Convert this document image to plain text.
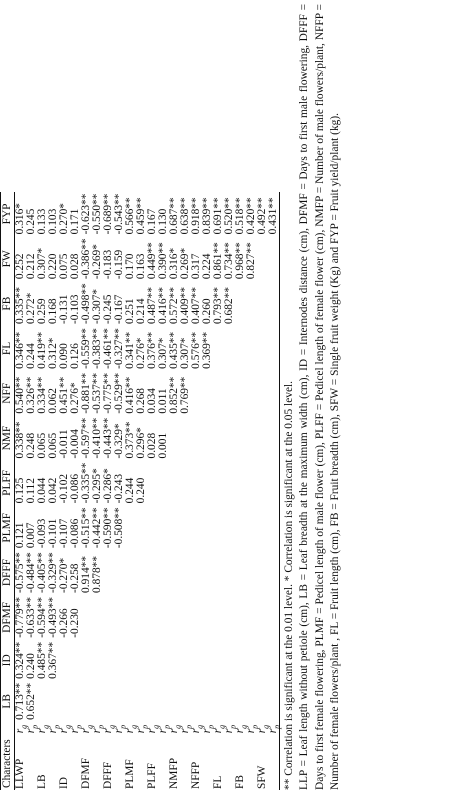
Characters		LB	ID	DFMF	DFFF	PLMF	PLFF	NMF	NFF	FL	FB	FW	FYP
LLWP	$r_g$	0.713**	0.324**	-0.779**	-0.575**	0.121	0.125	0.338**	0.540**	0.346**	0.335**	0.252	0.316*
	$r_p$	0.652**	0.240	-0.633**	-0.484**	0.007	0.112	0.248	0.326**	0.244	0.272*	0.212	0.245
LB	$r_g$		0.485**	-0.594**	-0.405**	-0.093	0.044	0.065	0.334**	0.419**	0.259	0.307*	0.133
	$r_p$		0.367**	-0.493**	-0.329**	-0.101	0.042	0.065	0.062	0.312*	0.168	0.220	0.103
ID	$r_g$			-0.266	-0.270*	-0.107	-0.102	-0.011	0.451**	0.090	-0.131	0.075	0.270*
	$r_p$			-0.230	-0.258	-0.086	-0.086	-0.004	0.276*	0.126	-0.103	0.028	0.171
DFMF	$r_g$				0.914**	-0.515**	-0.335**	-0.597**	-0.881**	-0.559**	-0.498**	-0.386**	-0.623**
	$r_p$				0.878**	-0.442**	-0.295*	-0.410**	-0.537**	-0.383**	-0.307*	-0.269*	-0.550**
DFFF	$r_g$					-0.590**	-0.286*	-0.443**	-0.775**	-0.461**	-0.245	-0.183	-0.689**
	$r_p$					-0.508**	-0.243	-0.329*	-0.529**	-0.327**	-0.167	-0.159	-0.543**
PLMF	$r_g$						0.244	0.373**	0.416**	0.341**	0.251	0.170	0.566**
	$r_p$						0.240	0.296*	0.268	0.276*	0.214	0.163	0.459**
PLFF	$r_g$							0.028	0.034	0.376**	0.487**	0.449**	0.167
	$r_p$							0.001	0.011	0.307*	0.416**	0.390**	0.130
NMFP	$r_g$								0.852**	0.435**	0.572**	0.316*	0.687**
	$r_p$								0.769**	0.307*	0.409**	0.269*	0.638**
NFFP	$r_g$									0.576**	0.407**	0.317	0.918**
	$r_p$									0.369**	0.260	0.224	0.839**
FL	$r_g$										0.793**	0.861**	0.691**
	$r_p$										0.682**	0.734**	0.520**
FB	$r_g$											0.968**	0.518**
	$r_p$											0.827**	0.420**
SFW	$r_g$												0.492**
	$r_p$												0.431**

** Correlation is significant at the 0.01 level. * Correlation is significant at the 0.05 level. LLP = Leaf length without petiole (cm), LB = Leaf breadth at the maximum width (cm), ID = Internodes distance (cm), DFMF = Days to first male flowering, DFFF = Days to first female flowering, PLMF = Pedicel length of male flower (cm), PLFF = Pedicel length of female flower (cm), NMFP = Number of male flowers/plant, NFFP = Number of female flowers/plant , FL = Fruit length (cm), FB = Fruit breadth (cm), SFW = Single fruit weight (Kg) and FYP = Fruit yield/plant (kg).
